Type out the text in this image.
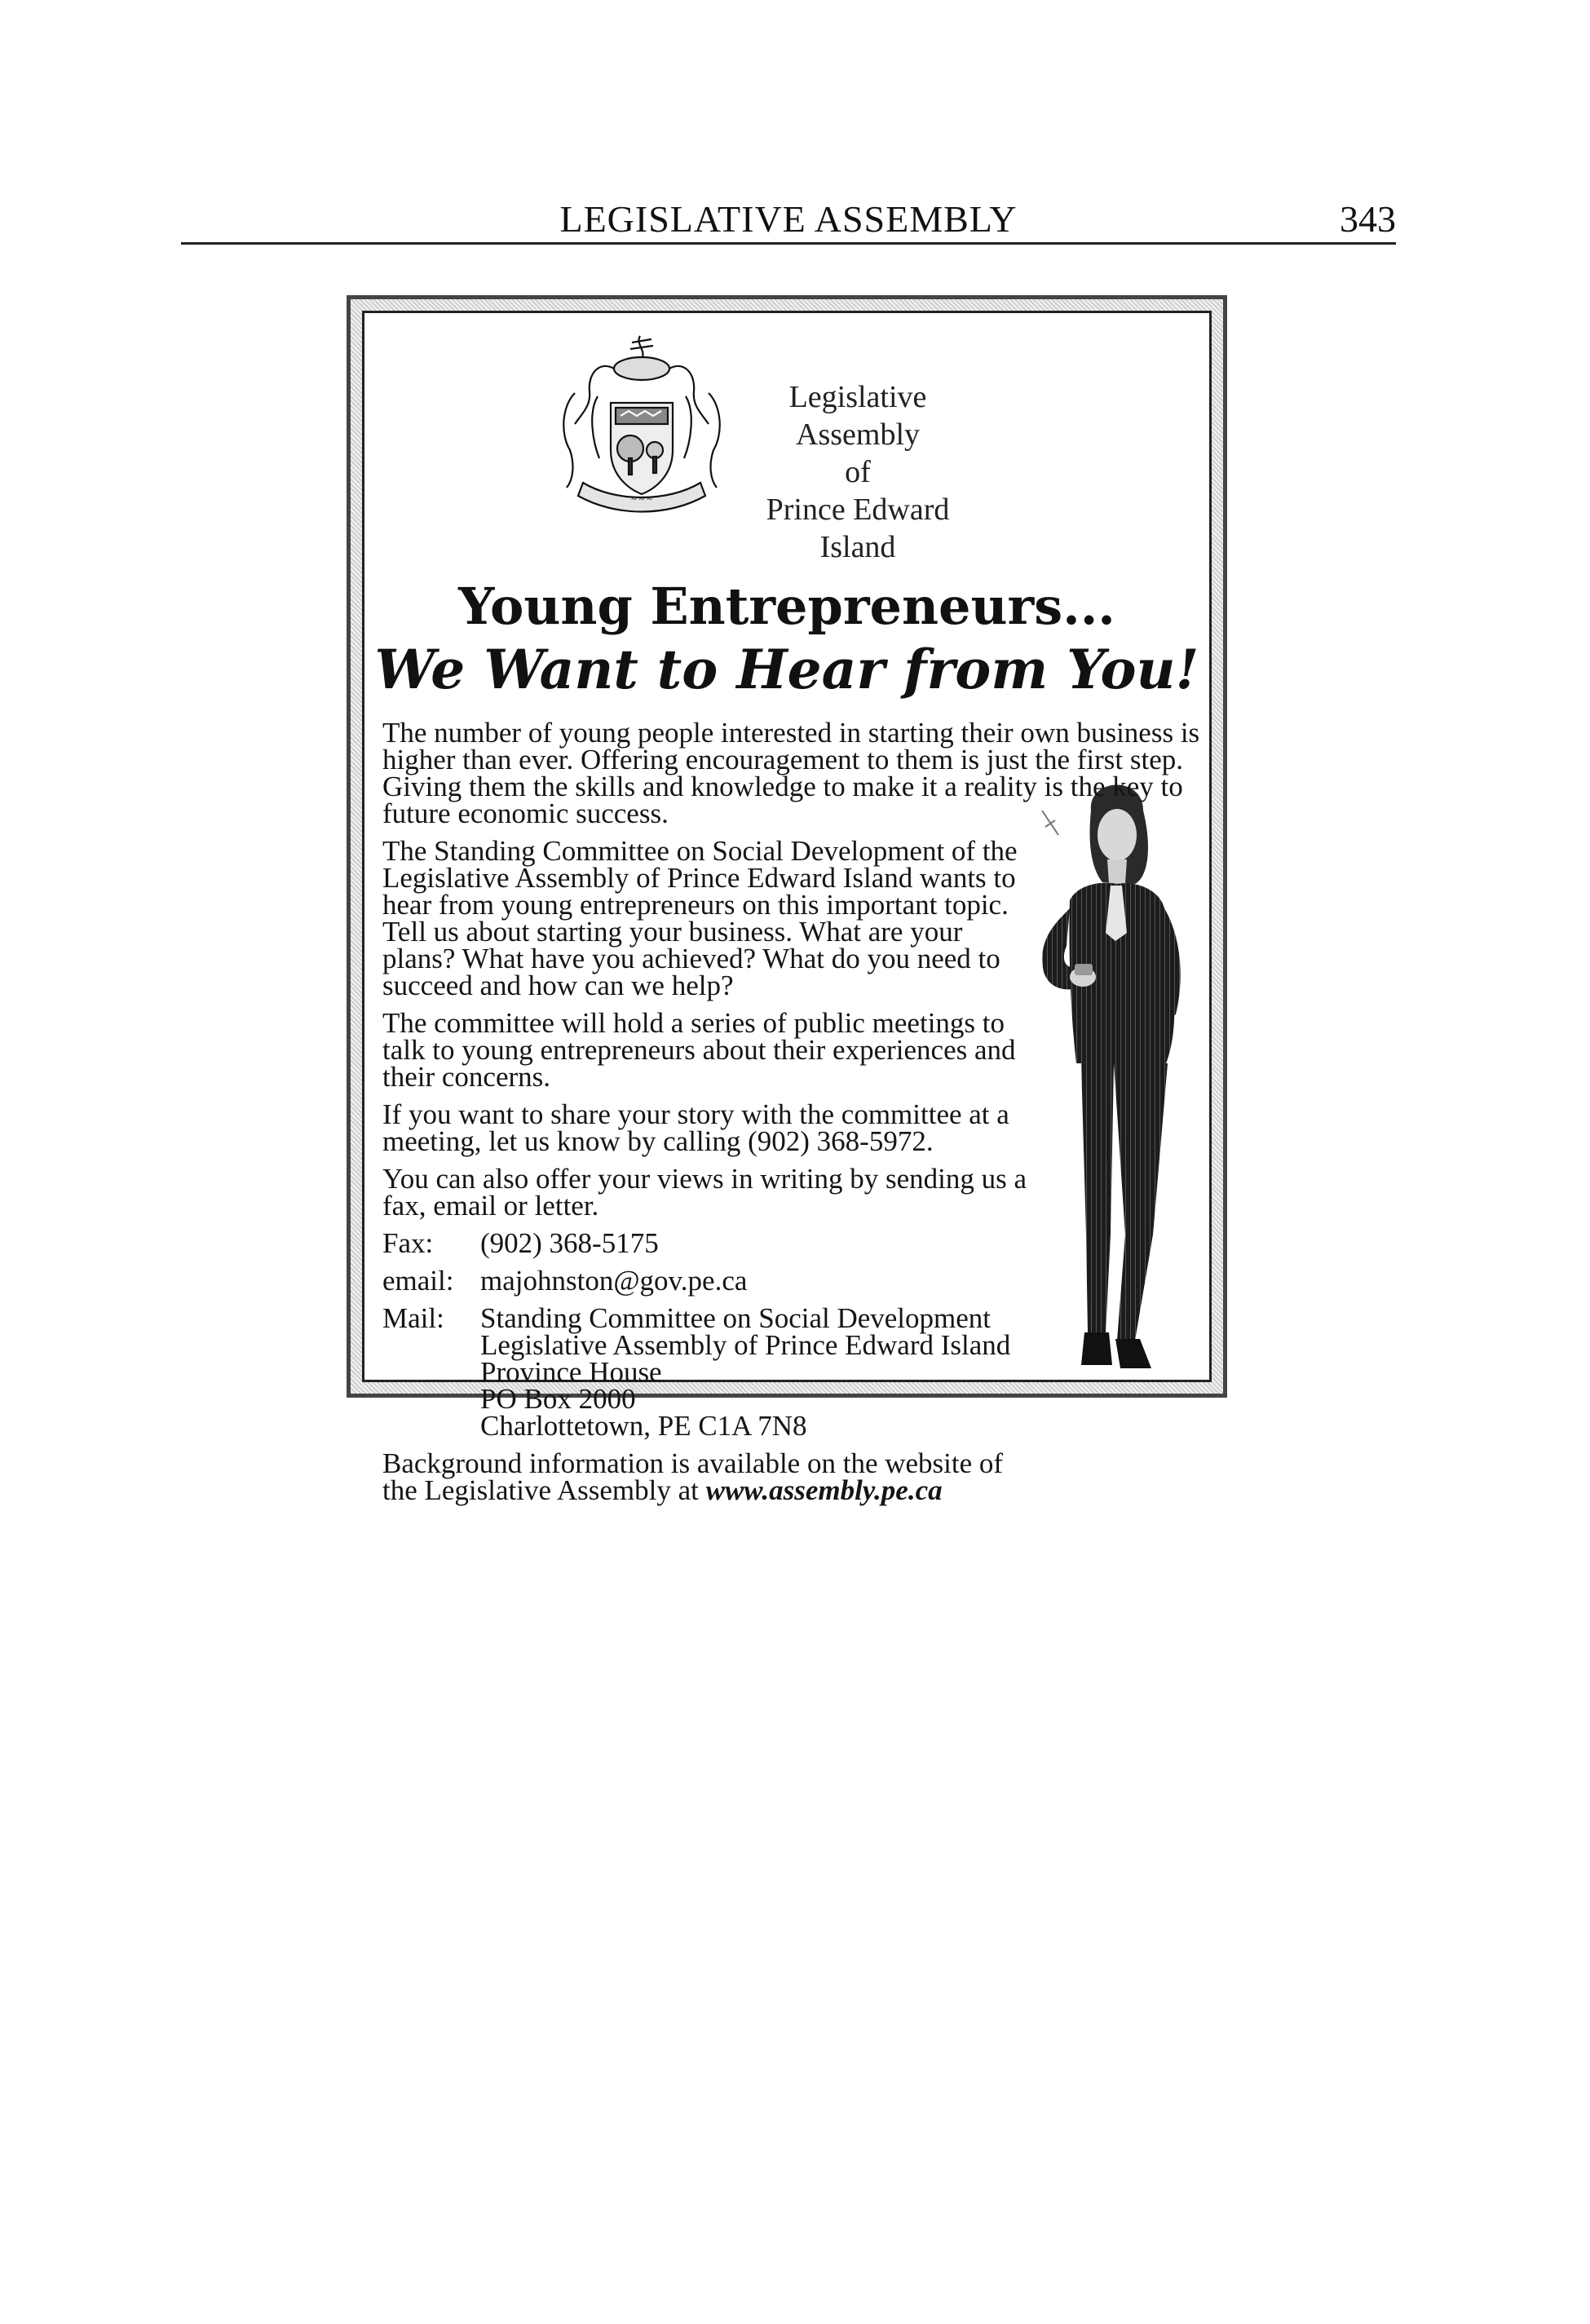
LEGISLATIVE ASSEMBLY	343
~ ~ ~
Legislative Assembly
of
Prince Edward Island
Young Entrepreneurs...
We Want to Hear from You!

The number of young people interested in starting their own business is higher than ever. Offering encouragement to them is just the first step. Giving them the skills and knowledge to make it a reality is the key to future economic success.

The Standing Committee on Social Development of the Legislative Assembly of Prince Edward Island wants to hear from young entrepreneurs on this important topic. Tell us about starting your business. What are your plans? What have you achieved? What do you need to succeed and how can we help?

The committee will hold a series of public meetings to talk to young entrepreneurs about their experiences and their concerns.

If you want to share your story with the committee at a meeting, let us know by calling (902) 368-5972.

You can also offer your views in writing by sending us a fax, email or letter.

Fax:	(902) 368-5175
email: majohnston@gov.pe.ca
Mail:	Standing Committee on Social Development
Legislative Assembly of Prince Edward Island
Province House
PO Box 2000
Charlottetown, PE C1A 7N8

Background information is available on the website of the Legislative Assembly at www.assembly.pe.ca
